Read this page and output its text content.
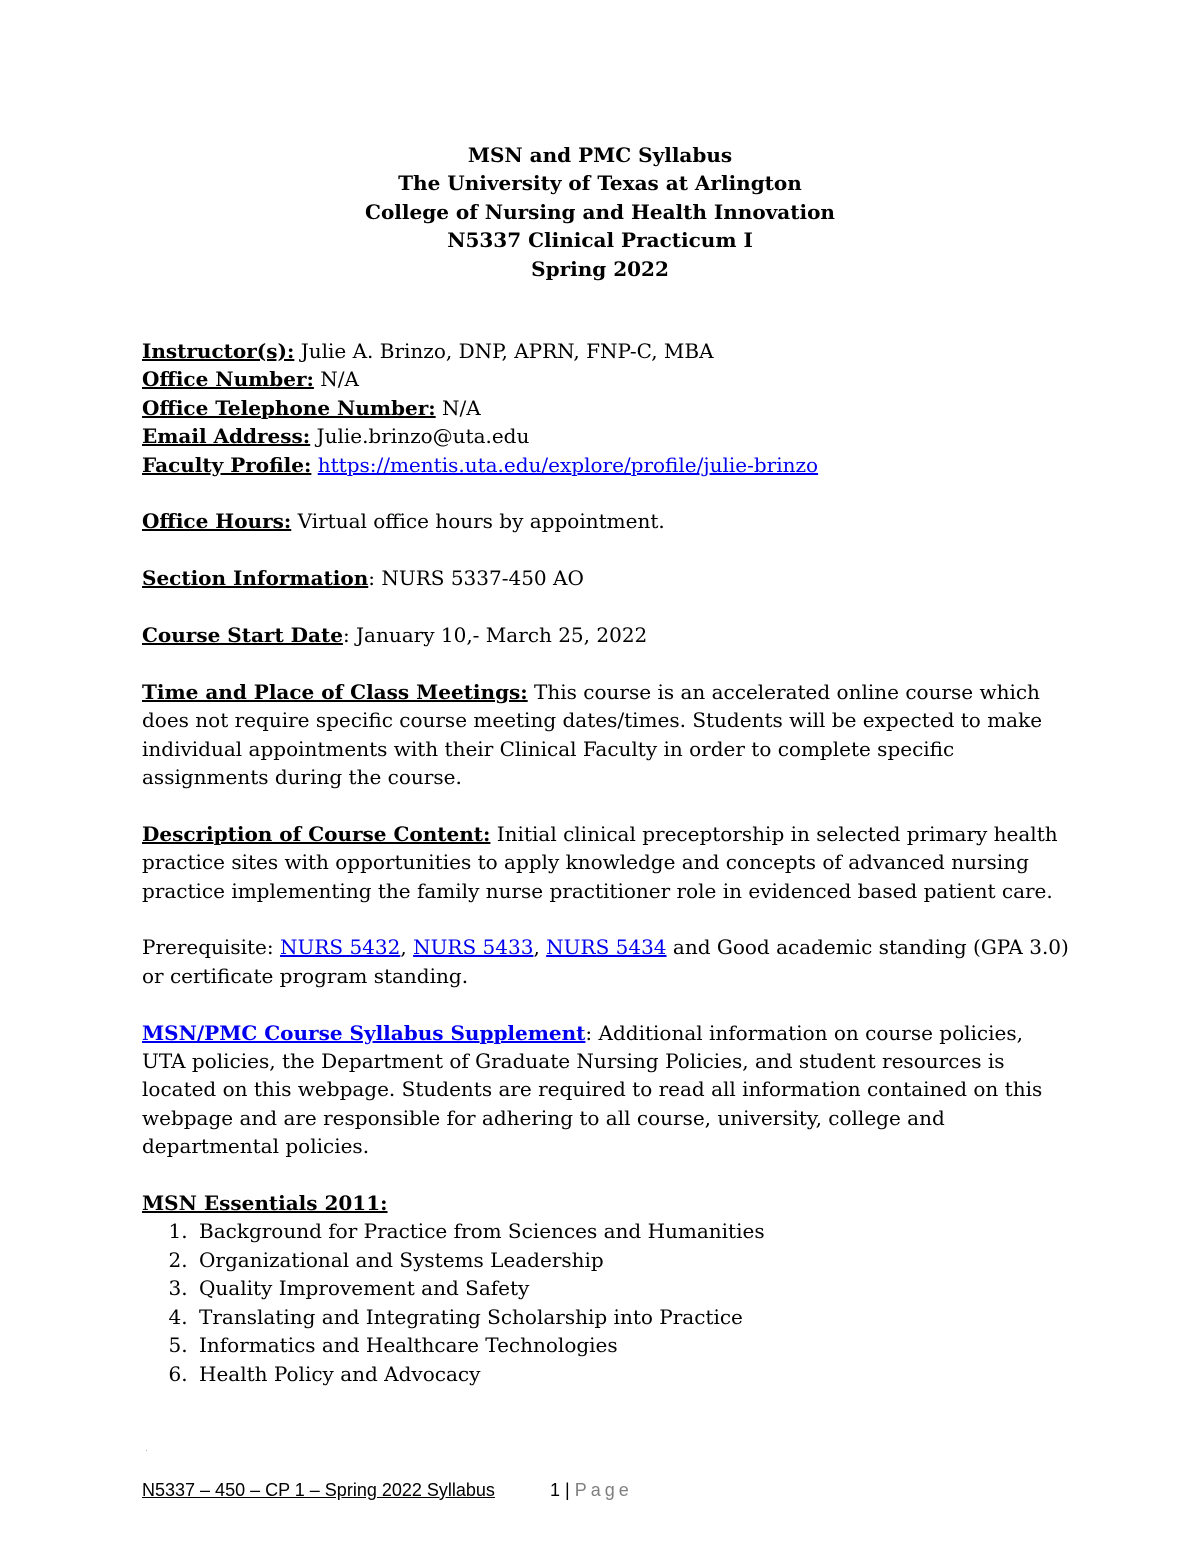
MSN and PMC Syllabus
The University of Texas at Arlington
College of Nursing and Health Innovation
N5337 Clinical Practicum I
Spring 2022

Instructor(s): Julie A. Brinzo, DNP, APRN, FNP-C, MBA

Office Number: N/A

Office Telephone Number: N/A

Email Address: Julie.brinzo@uta.edu

Faculty Profile: https://mentis.uta.edu/explore/profile/julie-brinzo

Office Hours: Virtual office hours by appointment.

Section Information: NURS 5337-450 AO

Course Start Date: January 10,- March 25, 2022

Time and Place of Class Meetings: This course is an accelerated online course which does not require specific course meeting dates/times. Students will be expected to make individual appointments with their Clinical Faculty in order to complete specific assignments during the course.

Description of Course Content: Initial clinical preceptorship in selected primary health practice sites with opportunities to apply knowledge and concepts of advanced nursing practice implementing the family nurse practitioner role in evidenced based patient care.

Prerequisite: NURS 5432, NURS 5433, NURS 5434 and Good academic standing (GPA 3.0) or certificate program standing.

MSN/PMC Course Syllabus Supplement: Additional information on course policies, UTA policies, the Department of Graduate Nursing Policies, and student resources is located on this webpage. Students are required to read all information contained on this webpage and are responsible for adhering to all course, university, college and departmental policies.

MSN Essentials 2011:

1. Background for Practice from Sciences and Humanities
2. Organizational and Systems Leadership
3. Quality Improvement and Safety
4. Translating and Integrating Scholarship into Practice
5. Informatics and Healthcare Technologies
6. Health Policy and Advocacy
.
N5337 – 450 – CP 1 – Spring 2022 Syllabus	1 | Page
